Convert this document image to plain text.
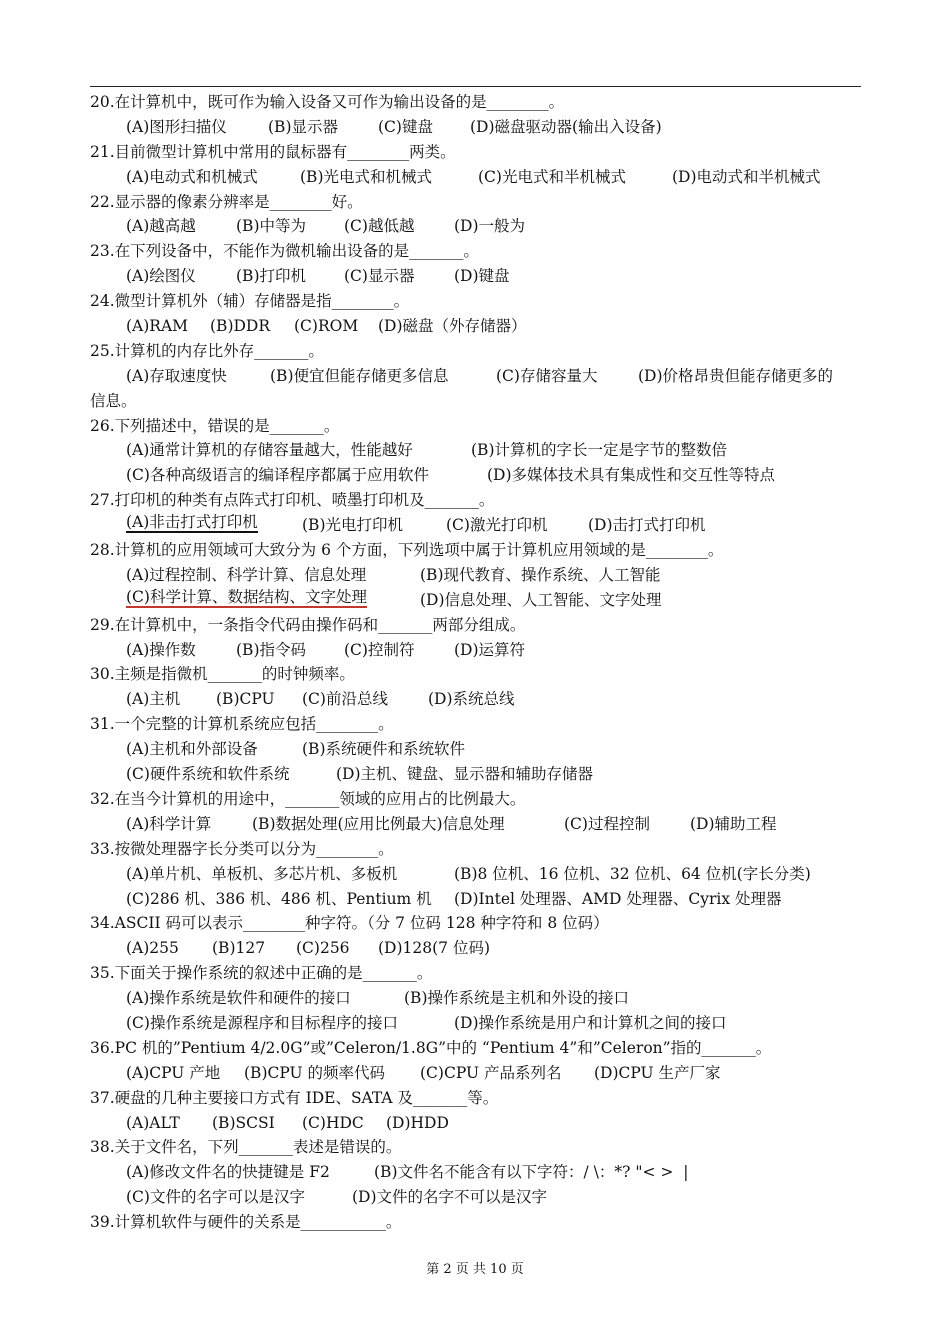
20.在计算机中，既可作为输入设备又可作为输出设备的是________。
(A)图形扫描仪	(B)显示器	(C)键盘 (D)磁盘驱动器(输出入设备)
21.目前微型计算机中常用的鼠标器有________两类。
(A)电动式和机械式	(B)光电式和机械式	(C)光电式和半机械式	(D)电动式和半机械式
22.显示器的像素分辨率是________好。
(A)越高越	(B)中等为 (C)越低越	(D)一般为
23.在下列设备中，不能作为微机输出设备的是_______。
(A)绘图仪	(B)打印机 (C)显示器	(D)键盘
24.微型计算机外（辅）存储器是指________。
(A)RAM (B)DDR (C)ROM (D)磁盘（外存储器）
25.计算机的内存比外存_______。
(A)存取速度快	(B)便宜但能存储更多信息	(C)存储容量大	(D)价格昂贵但能存储更多的
信息。
26.下列描述中，错误的是_______。
(A)通常计算机的存储容量越大，性能越好	(B)计算机的字长一定是字节的整数倍
(C)各种高级语言的编译程序都属于应用软件	(D)多媒体技术具有集成性和交互性等特点
27.打印机的种类有点阵式打印机、喷墨打印机及_______。
(A)非击打式打印机	(B)光电打印机	(C)激光打印机	(D)击打式打印机
28.计算机的应用领域可大致分为 6 个方面，下列选项中属于计算机应用领域的是________。
(A)过程控制、科学计算、信息处理	(B)现代教育、操作系统、人工智能
(C)科学计算、数据结构、文字处理	(D)信息处理、人工智能、文字处理
29.在计算机中，一条指令代码由操作码和_______两部分组成。
(A)操作数	(B)指令码 (C)控制符	(D)运算符
30.主频是指微机_______的时钟频率。
(A)主机 (B)CPU (C)前沿总线	(D)系统总线
31.一个完整的计算机系统应包括________。
(A)主机和外部设备	(B)系统硬件和系统软件
(C)硬件系统和软件系统	(D)主机、键盘、显示器和辅助存储器
32.在当今计算机的用途中，_______领域的应用占的比例最大。
(A)科学计算	(B)数据处理(应用比例最大)信息处理	(C)过程控制	(D)辅助工程
33.按微处理器字长分类可以分为________。
(A)单片机、单板机、多芯片机、多板机	(B)8 位机、16 位机、32 位机、64 位机(字长分类)
(C)286 机、386 机、486 机、Pentium 机 (D)Intel 处理器、AMD 处理器、Cyrix 处理器
34.ASCII 码可以表示________种字符。（分 7 位码 128 种字符和 8 位码）
(A)255 (B)127 (C)256 (D)128(7 位码)
35.下面关于操作系统的叙述中正确的是_______。
(A)操作系统是软件和硬件的接口	(B)操作系统是主机和外设的接口
(C)操作系统是源程序和目标程序的接口	(D)操作系统是用户和计算机之间的接口
36.PC 机的”Pentium 4/2.0G”或”Celeron/1.8G”中的 “Pentium 4”和”Celeron”指的_______。
(A)CPU 产地 (B)CPU 的频率代码 (C)CPU 产品系列名 (D)CPU 生产厂家
37.硬盘的几种主要接口方式有 IDE、SATA 及_______等。
(A)ALT (B)SCSI (C)HDC (D)HDD
38.关于文件名，下列_______表述是错误的。
(A)修改文件名的快捷键是 F2	(B)文件名不能含有以下字符：/ \：*? "< >  |
(C)文件的名字可以是汉字	(D)文件的名字不可以是汉字
39.计算机软件与硬件的关系是___________。
第 2 页 共 10 页
